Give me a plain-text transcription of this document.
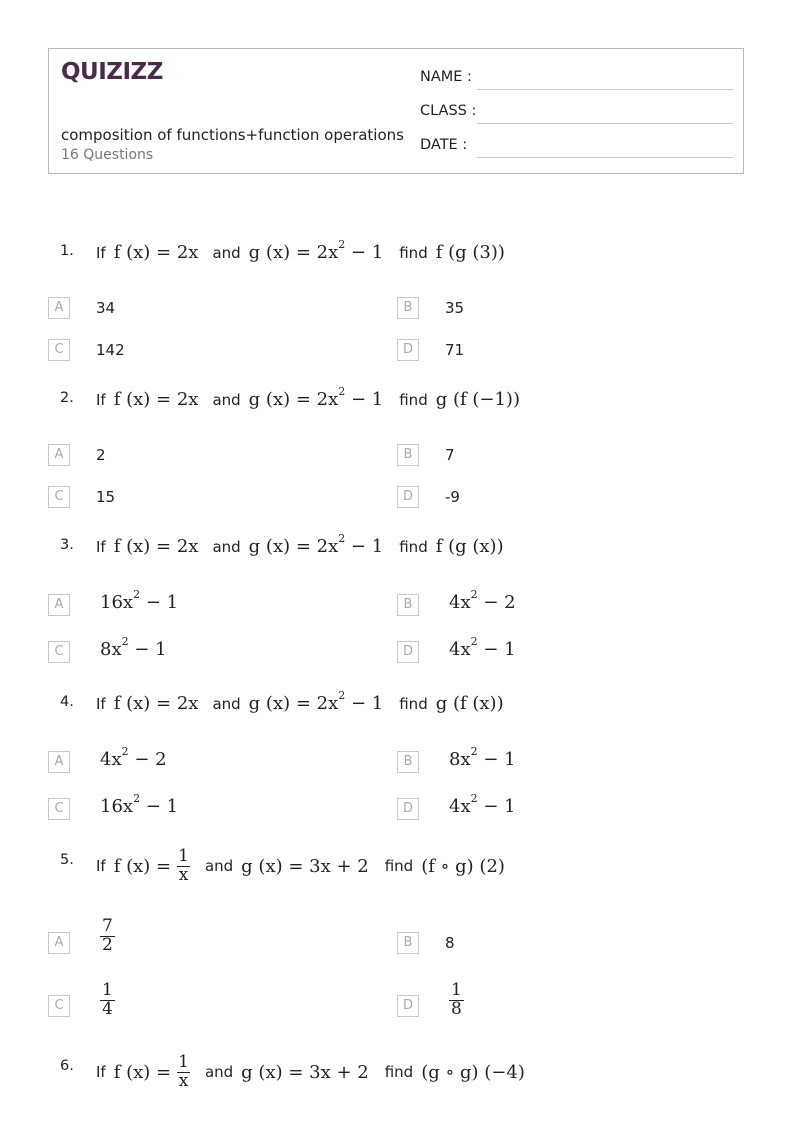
QUIZIZZ
composition of functions+function operations
16 Questions
NAME :
CLASS :
DATE :
1. If f (x) = 2x and g $(x) = 2x^2 - 1$ find f (g (3))
A	34	B	35
C	142	D	71
2. If f (x) = 2x and g $(x) = 2x^2 - 1$ find g (f (−1))
A	2	B	7
C	15	D	-9
3. If f (x) = 2x and g $(x) = 2x^2 - 1$ find f (g (x))
A	$16x^2 - 1$	B	$4x^2 - 2$
C	$8x^2 - 1$	D	$4x^2 - 1$
4. If f (x) = 2x and g $(x) = 2x^2 - 1$ find g (f (x))
A	$4x^2 - 2$	B	$8x^2 - 1$
C	$16x^2 - 1$	D	$4x^2 - 1$
5. If f $(x) = \frac{1}{x}$ and g (x) = 3x + 2 find (f ∘ g) (2)
A	$\frac{7}{2}$	B	8
C	$\frac{1}{4}$	D	$\frac{1}{8}$
6. If f $(x) = \frac{1}{x}$ and g (x) = 3x + 2 find (g ∘ g) (−4)
